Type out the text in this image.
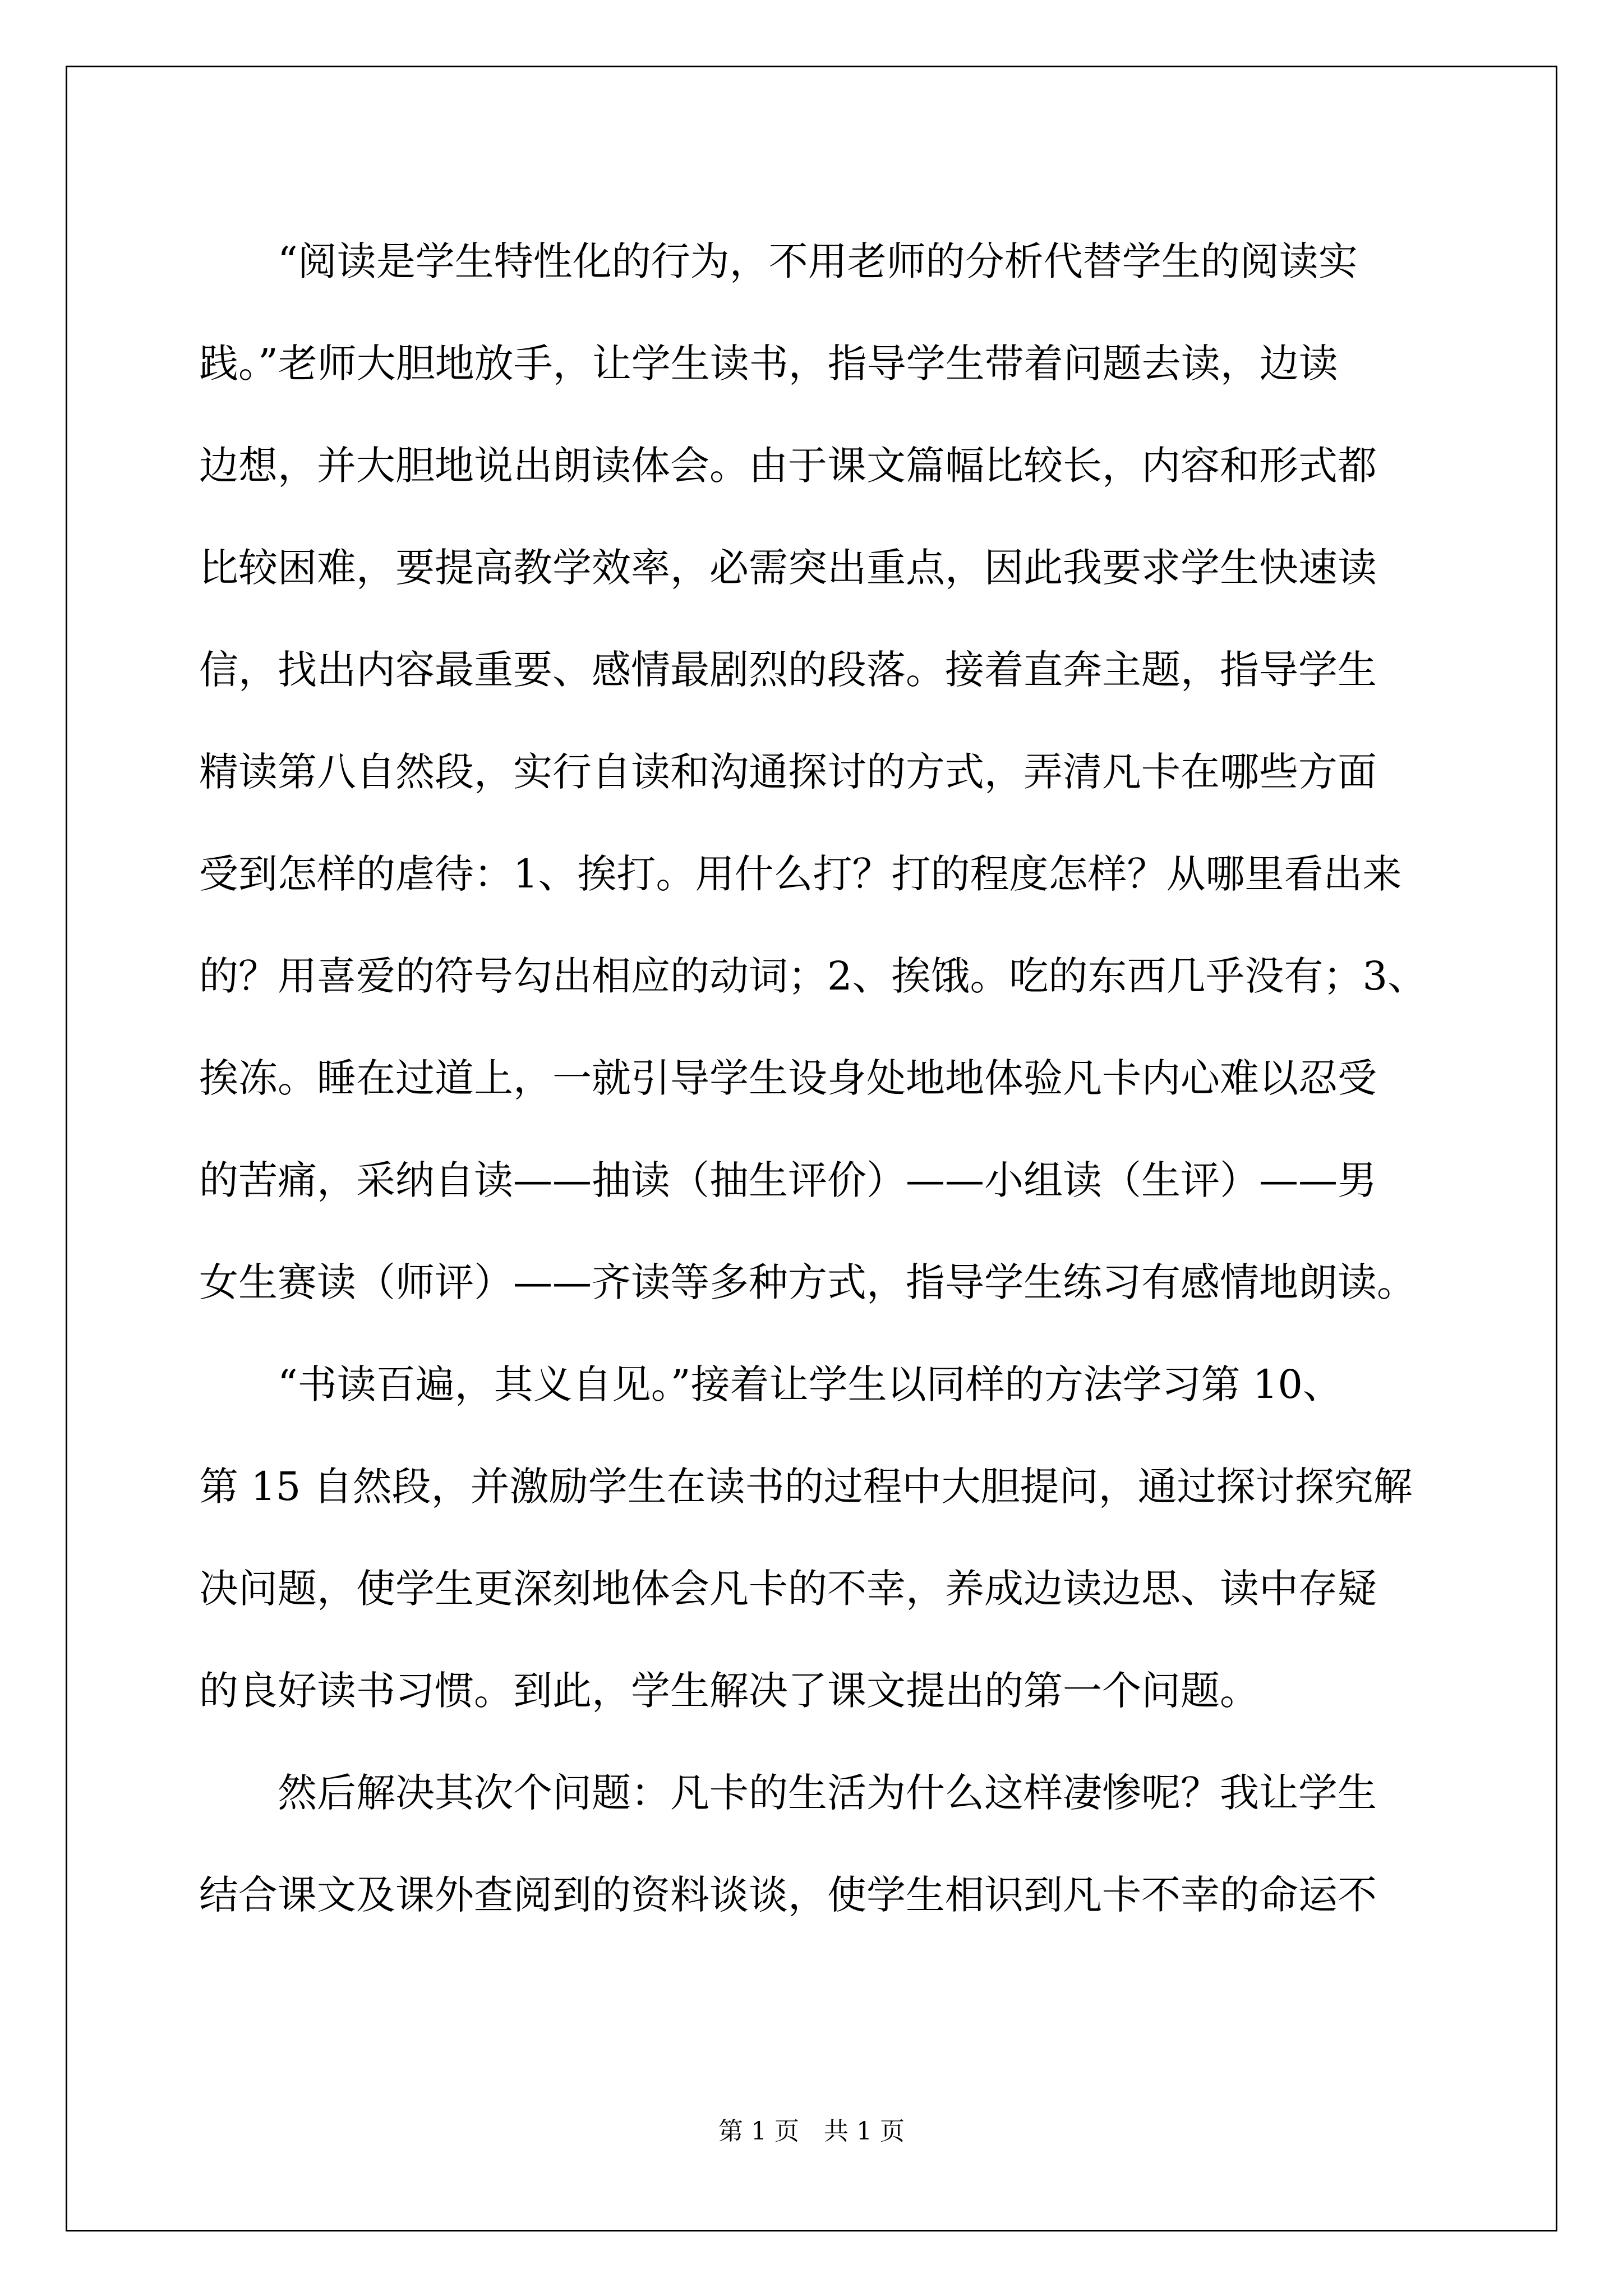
　　“阅读是学生特性化的行为，不用老师的分析代替学生的阅读实
践。”老师大胆地放手，让学生读书，指导学生带着问题去读，边读
边想，并大胆地说出朗读体会。由于课文篇幅比较长，内容和形式都
比较困难，要提高教学效率，必需突出重点，因此我要求学生快速读
信，找出内容最重要、感情最剧烈的段落。接着直奔主题，指导学生
精读第八自然段，实行自读和沟通探讨的方式，弄清凡卡在哪些方面
受到怎样的虐待：1、挨打。用什么打？打的程度怎样？从哪里看出来
的？用喜爱的符号勾出相应的动词；2、挨饿。吃的东西几乎没有；3、
挨冻。睡在过道上，一就引导学生设身处地地体验凡卡内心难以忍受
的苦痛，采纳自读——抽读（抽生评价）——小组读（生评）——男
女生赛读（师评）——齐读等多种方式，指导学生练习有感情地朗读。
　　“书读百遍，其义自见。”接着让学生以同样的方法学习第 10、
第 15 自然段，并激励学生在读书的过程中大胆提问，通过探讨探究解
决问题，使学生更深刻地体会凡卡的不幸，养成边读边思、读中存疑
的良好读书习惯。到此，学生解决了课文提出的第一个问题。
　　然后解决其次个问题：凡卡的生活为什么这样凄惨呢？我让学生
结合课文及课外查阅到的资料谈谈，使学生相识到凡卡不幸的命运不
第 1 页　共 1 页
